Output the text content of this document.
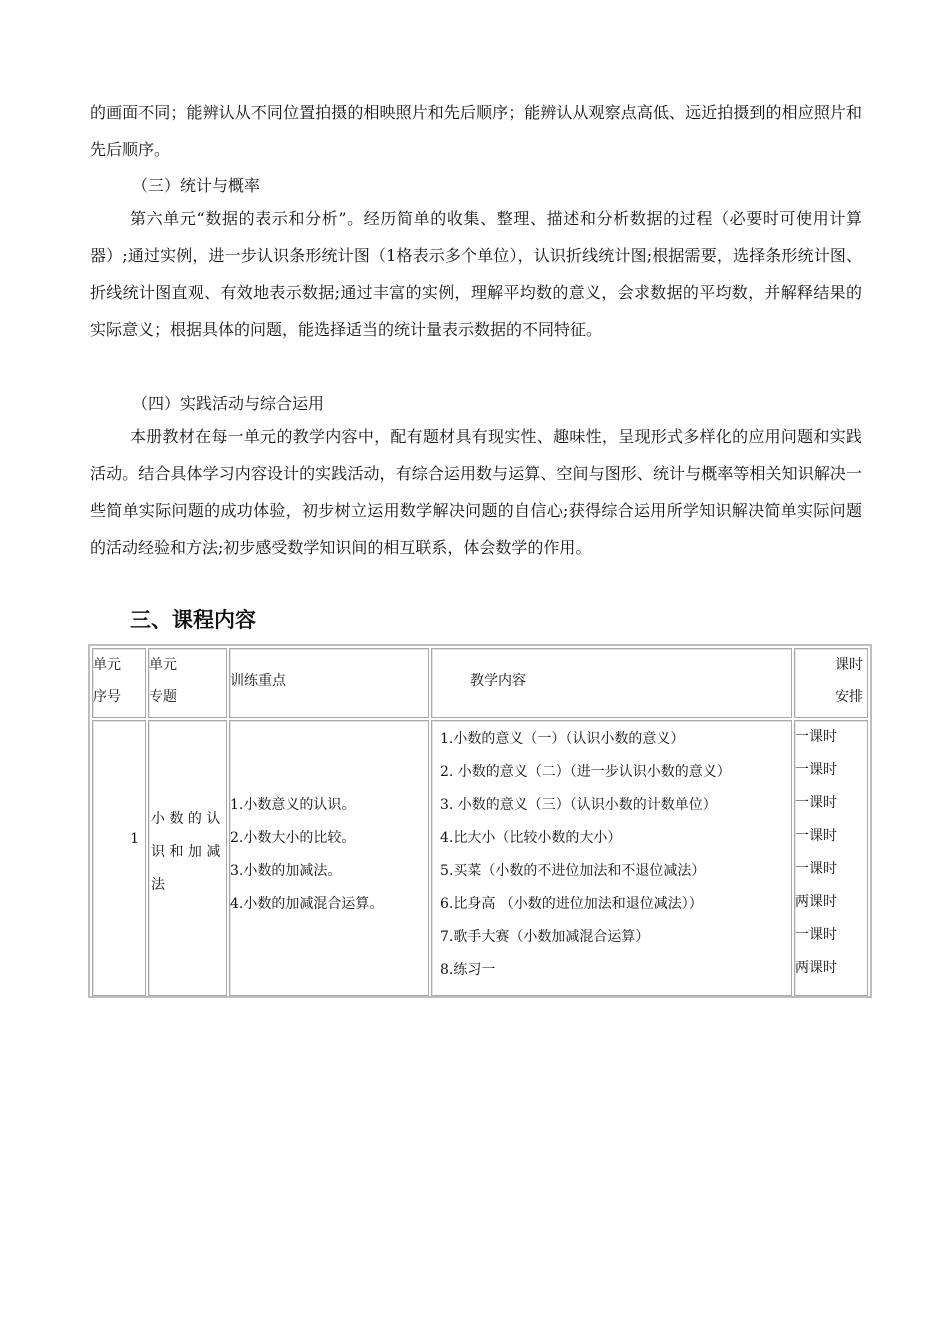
的画面不同；能辨认从不同位置拍摄的相映照片和先后顺序；能辨认从观察点高低、远近拍摄到的相应照片和先后顺序。

（三）统计与概率

第六单元“数据的表示和分析”。经历简单的收集、整理、描述和分析数据的过程（必要时可使用计算器）;通过实例，进一步认识条形统计图（1格表示多个单位），认识折线统计图;根据需要，选择条形统计图、折线统计图直观、有效地表示数据;通过丰富的实例，理解平均数的意义，会求数据的平均数，并解释结果的实际意义；根据具体的问题，能选择适当的统计量表示数据的不同特征。

（四）实践活动与综合运用

本册教材在每一单元的教学内容中，配有题材具有现实性、趣味性，呈现形式多样化的应用问题和实践活动。结合具体学习内容设计的实践活动，有综合运用数与运算、空间与图形、统计与概率等相关知识解决一些简单实际问题的成功体验，初步树立运用数学解决问题的自信心;获得综合运用所学知识解决简单实际问题的活动经验和方法;初步感受数学知识间的相互联系，体会数学的作用。

三、课程内容
单元
序号
单元
专题
训练重点	教学内容
课时
安排
1
小 数 的 认
识 和 加 减
法
1.小数意义的认识。
2.小数大小的比较。
3.小数的加减法。
4.小数的加减混合运算。
1.小数的意义（一）（认识小数的意义）
2. 小数的意义（二）（进一步认识小数的意义）
3. 小数的意义（三）（认识小数的计数单位）
4.比大小（比较小数的大小）
5.买菜（小数的不进位加法和不退位减法）
6.比身高 （小数的进位加法和退位减法））
7.歌手大赛（小数加减混合运算）
8.练习一
一课时
一课时
一课时
一课时
一课时
两课时
一课时
两课时
